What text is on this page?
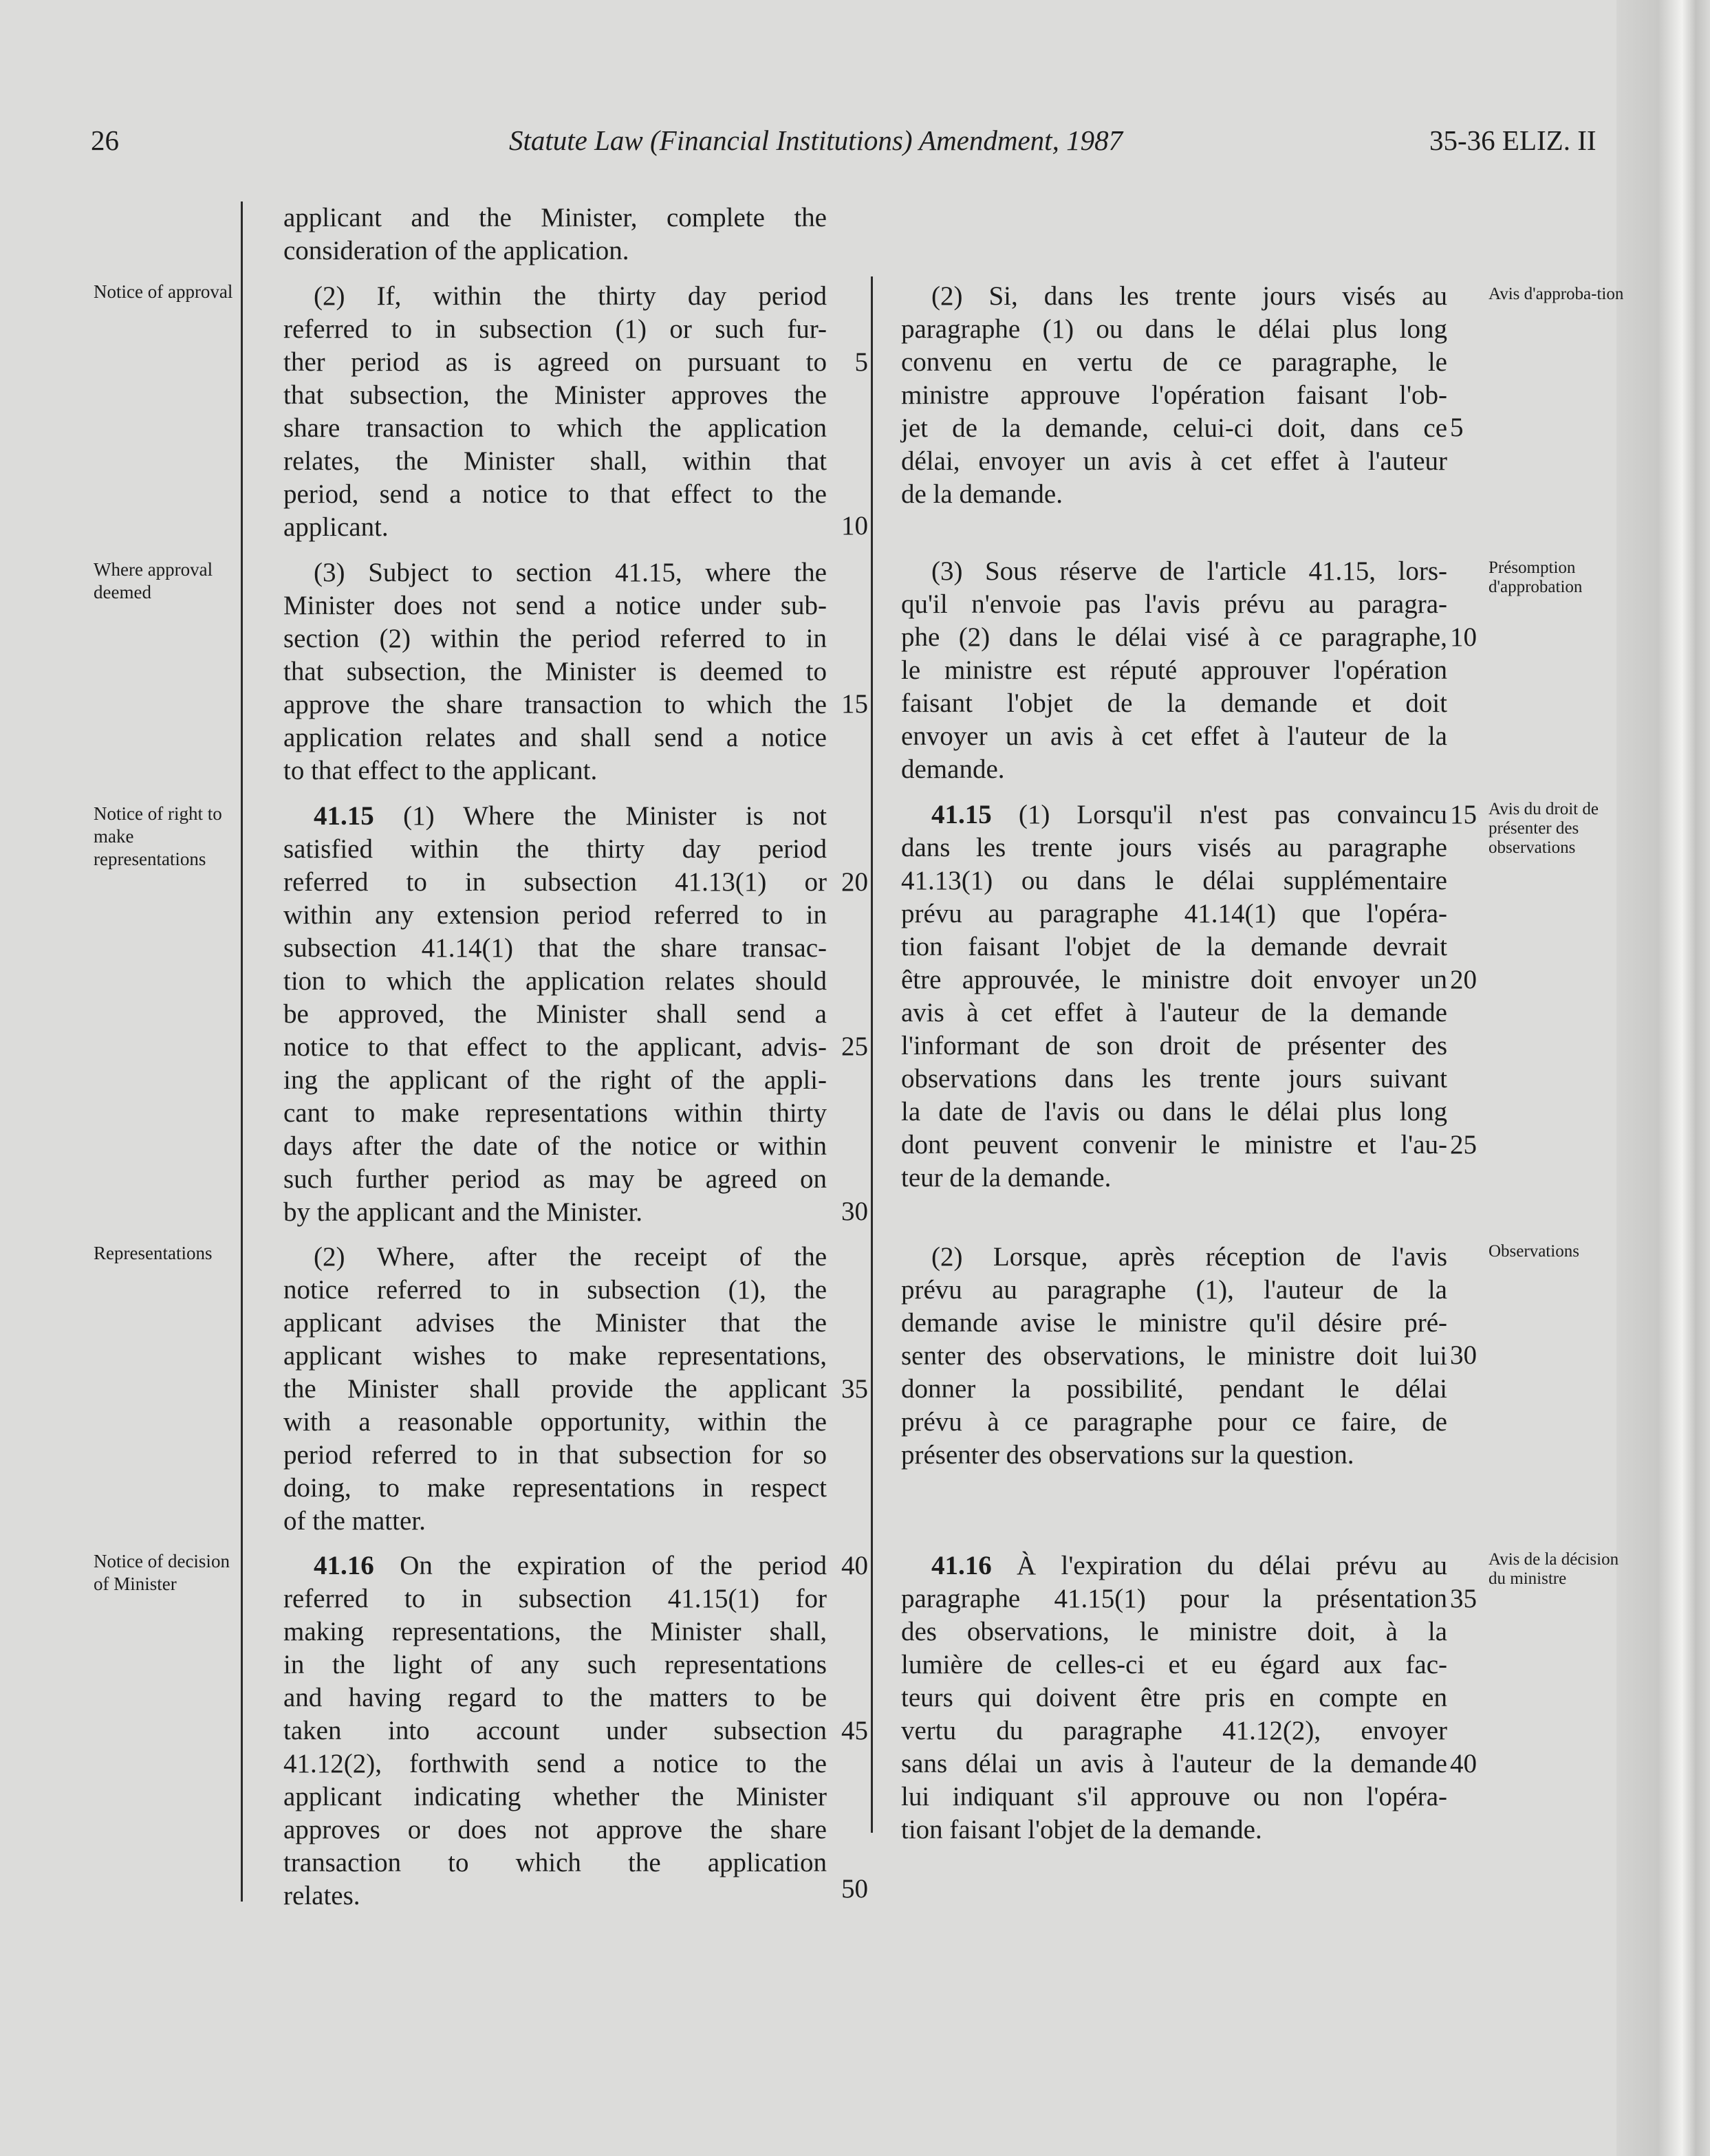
26	Statute Law (Financial Institutions) Amendment, 1987	35-36 ELIZ. II
Notice of approval
Where approval deemed
Notice of right to make representations
Representations
Notice of decision of Minister
Avis d'approba-tion
Présomption d'approbation
Avis du droit de présenter des observations
Observations
Avis de la décision du ministre
applicant and the Minister, complete the
consideration of the application.
(2) If, within the thirty day period
referred to in subsection (1) or such fur-
ther period as is agreed on pursuant to
that subsection, the Minister approves the
share transaction to which the application
relates, the Minister shall, within that
period, send a notice to that effect to the
applicant.
(3) Subject to section 41.15, where the
Minister does not send a notice under sub-
section (2) within the period referred to in
that subsection, the Minister is deemed to
approve the share transaction to which the
application relates and shall send a notice
to that effect to the applicant.
41.15 (1) Where the Minister is not
satisfied within the thirty day period
referred to in subsection 41.13(1) or
within any extension period referred to in
subsection 41.14(1) that the share transac-
tion to which the application relates should
be approved, the Minister shall send a
notice to that effect to the applicant, advis-
ing the applicant of the right of the appli-
cant to make representations within thirty
days after the date of the notice or within
such further period as may be agreed on
by the applicant and the Minister.
(2) Where, after the receipt of the
notice referred to in subsection (1), the
applicant advises the Minister that the
applicant wishes to make representations,
the Minister shall provide the applicant
with a reasonable opportunity, within the
period referred to in that subsection for so
doing, to make representations in respect
of the matter.
41.16 On the expiration of the period
referred to in subsection 41.15(1) for
making representations, the Minister shall,
in the light of any such representations
and having regard to the matters to be
taken into account under subsection
41.12(2), forthwith send a notice to the
applicant indicating whether the Minister
approves or does not approve the share
transaction to which the application
relates.
5
10
15
20
25
30
35
40
45
50
(2) Si, dans les trente jours visés au
paragraphe (1) ou dans le délai plus long
convenu en vertu de ce paragraphe, le
ministre approuve l'opération faisant l'ob-
jet de la demande, celui-ci doit, dans ce
délai, envoyer un avis à cet effet à l'auteur
de la demande.
(3) Sous réserve de l'article 41.15, lors-
qu'il n'envoie pas l'avis prévu au paragra-
phe (2) dans le délai visé à ce paragraphe,
le ministre est réputé approuver l'opération
faisant l'objet de la demande et doit
envoyer un avis à cet effet à l'auteur de la
demande.
41.15 (1) Lorsqu'il n'est pas convaincu
dans les trente jours visés au paragraphe
41.13(1) ou dans le délai supplémentaire
prévu au paragraphe 41.14(1) que l'opéra-
tion faisant l'objet de la demande devrait
être approuvée, le ministre doit envoyer un
avis à cet effet à l'auteur de la demande
l'informant de son droit de présenter des
observations dans les trente jours suivant
la date de l'avis ou dans le délai plus long
dont peuvent convenir le ministre et l'au-
teur de la demande.
(2) Lorsque, après réception de l'avis
prévu au paragraphe (1), l'auteur de la
demande avise le ministre qu'il désire pré-
senter des observations, le ministre doit lui
donner la possibilité, pendant le délai
prévu à ce paragraphe pour ce faire, de
présenter des observations sur la question.
41.16 À l'expiration du délai prévu au
paragraphe 41.15(1) pour la présentation
des observations, le ministre doit, à la
lumière de celles-ci et eu égard aux fac-
teurs qui doivent être pris en compte en
vertu du paragraphe 41.12(2), envoyer
sans délai un avis à l'auteur de la demande
lui indiquant s'il approuve ou non l'opéra-
tion faisant l'objet de la demande.
5
10
15
20
25
30
35
40
